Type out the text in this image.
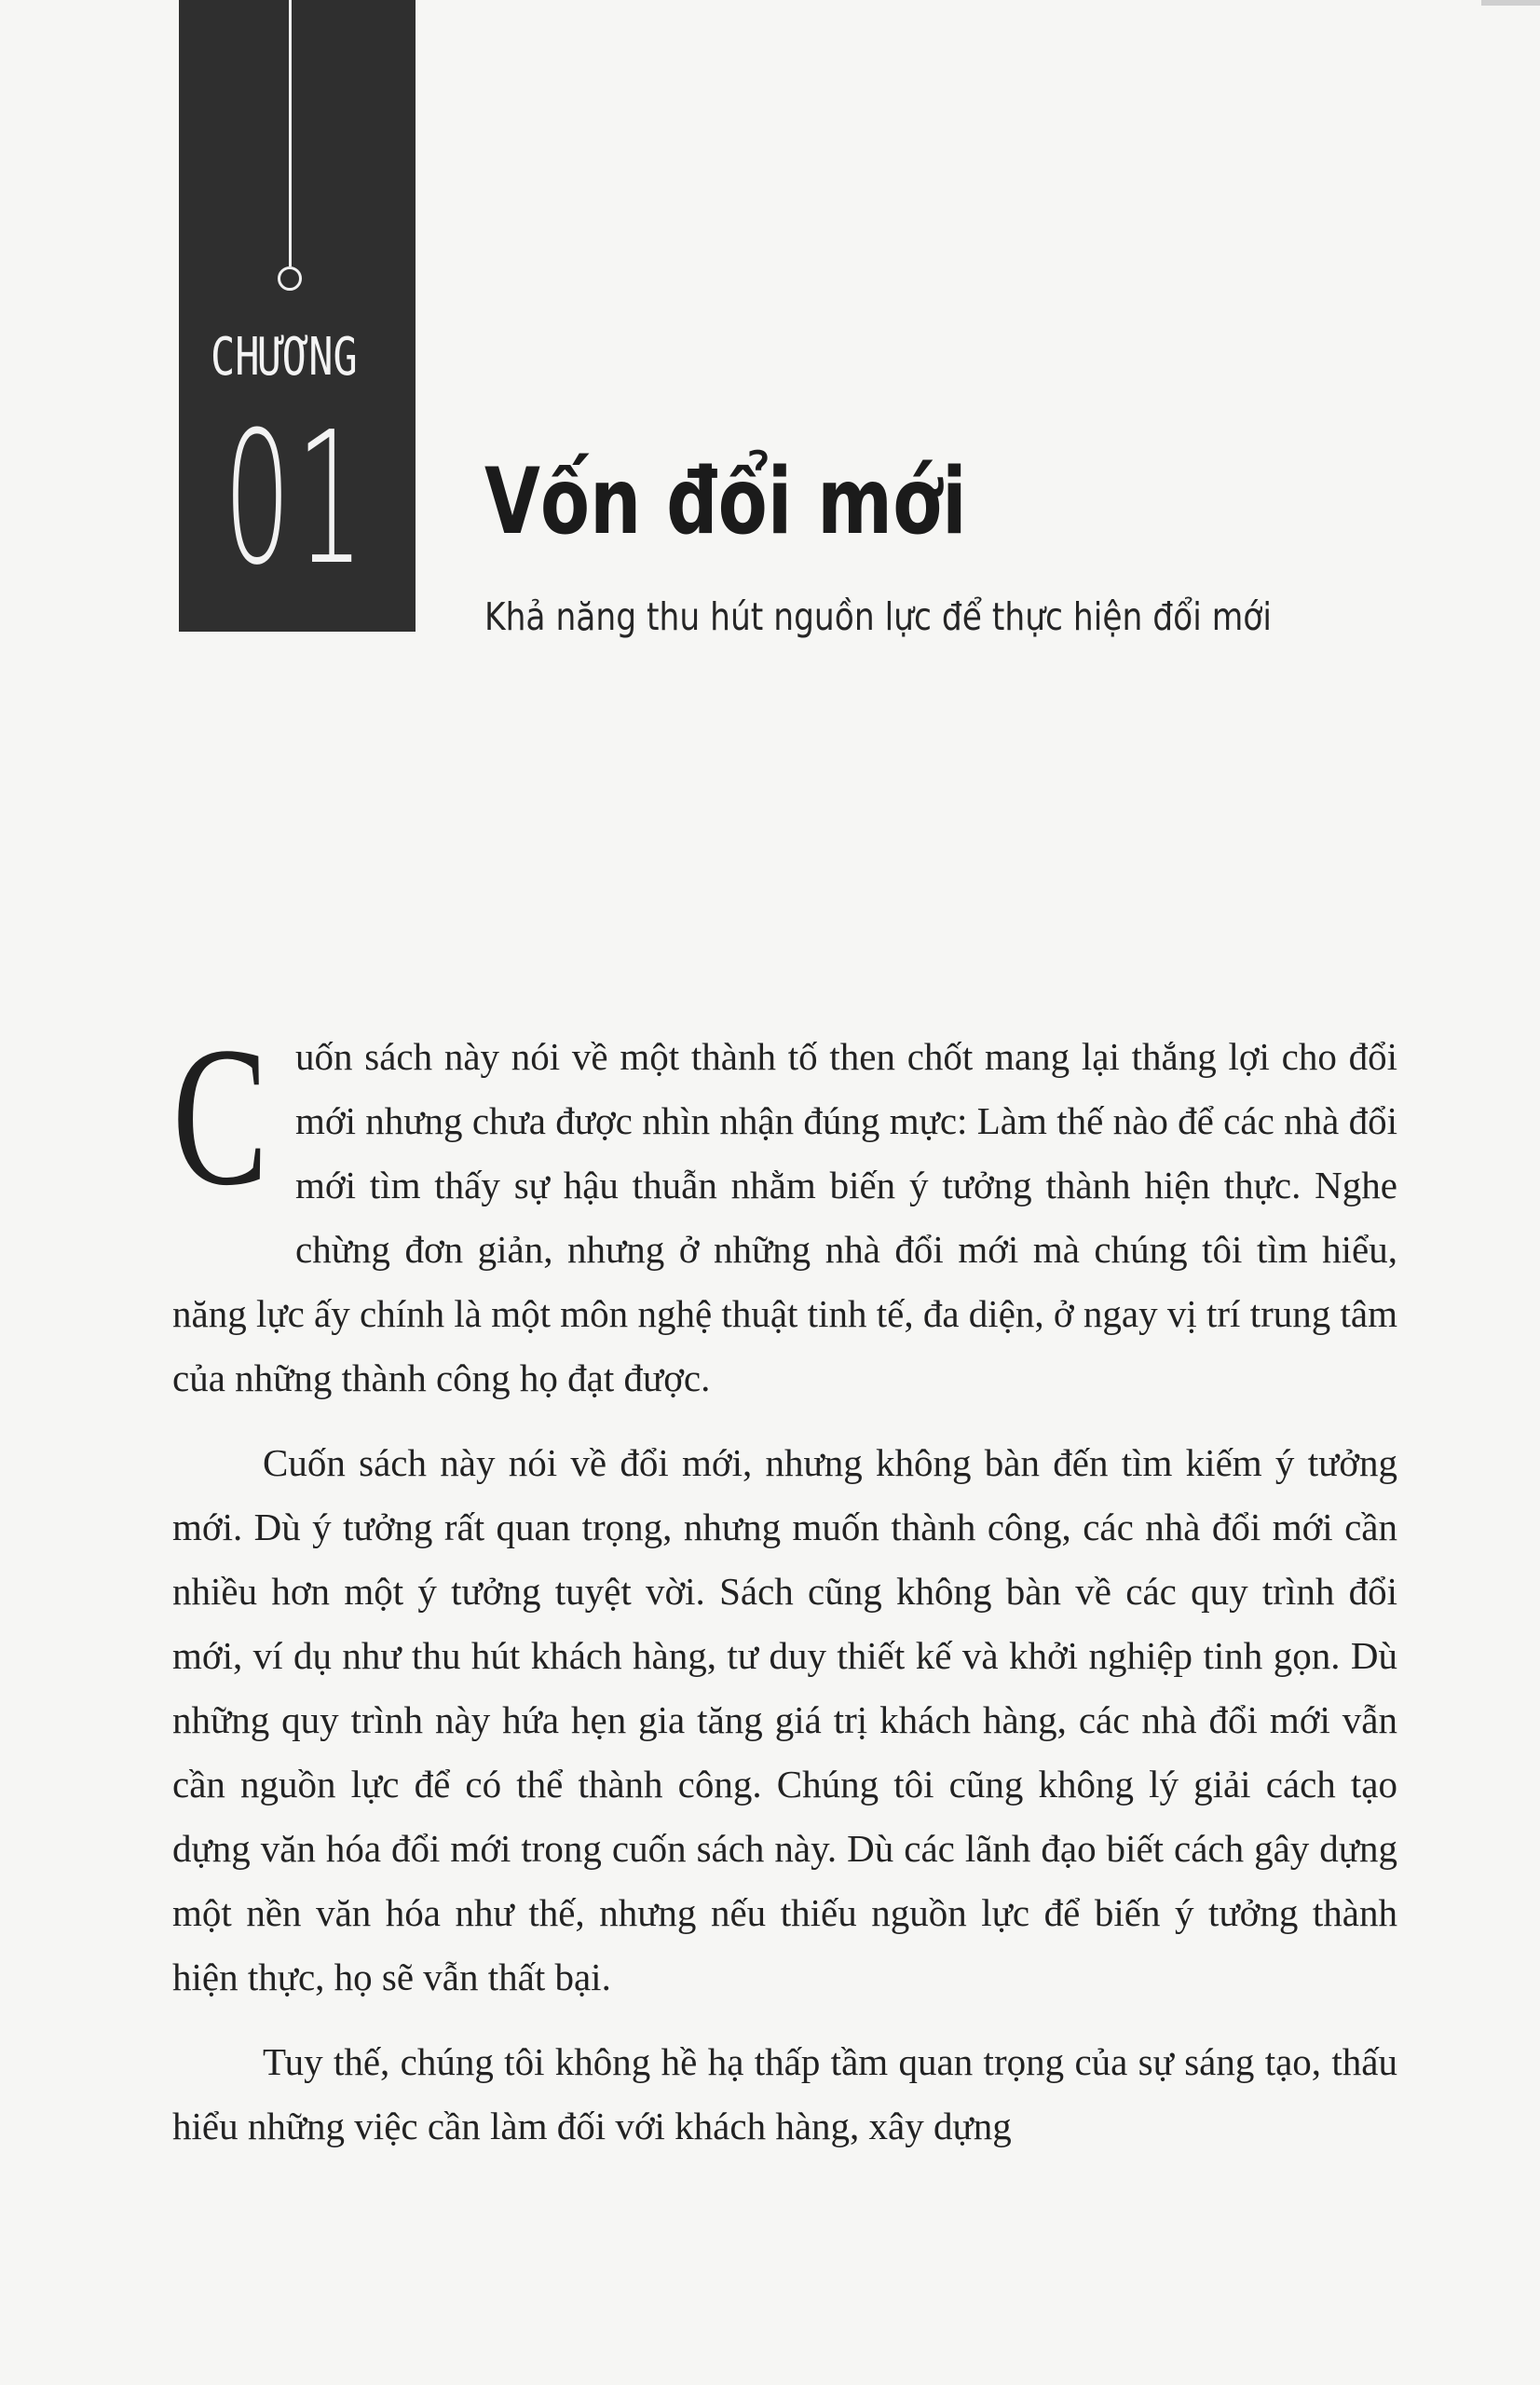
C H Ư Ơ N G
01 Vốn đổi mới

Khả năng thu hút nguồn lực để thực hiện đổi mới

C uốn sách này nói về một thành tố then chốt mang lại thắng lợi cho đổi mới nhưng chưa được nhìn nhận đúng mực: Làm thế nào để các nhà đổi mới tìm thấy sự hậu thuẫn nhằm biến ý tưởng thành hiện thực. Nghe chừng đơn giản, nhưng ở những nhà đổi mới mà chúng tôi tìm hiểu, năng lực ấy chính là một môn nghệ thuật tinh tế, đa diện, ở ngay vị trí trung tâm của những thành công họ đạt được.

Cuốn sách này nói về đổi mới, nhưng không bàn đến tìm kiếm ý tưởng mới. Dù ý tưởng rất quan trọng, nhưng muốn thành công, các nhà đổi mới cần nhiều hơn một ý tưởng tuyệt vời. Sách cũng không bàn về các quy trình đổi mới, ví dụ như thu hút khách hàng, tư duy thiết kế và khởi nghiệp tinh gọn. Dù những quy trình này hứa hẹn gia tăng giá trị khách hàng, các nhà đổi mới vẫn cần nguồn lực để có thể thành công. Chúng tôi cũng không lý giải cách tạo dựng văn hóa đổi mới trong cuốn sách này. Dù các lãnh đạo biết cách gây dựng một nền văn hóa như thế, nhưng nếu thiếu nguồn lực để biến ý tưởng thành hiện thực, họ sẽ vẫn thất bại.

Tuy thế, chúng tôi không hề hạ thấp tầm quan trọng của sự sáng tạo, thấu hiểu những việc cần làm đối với khách hàng, xây dựng
